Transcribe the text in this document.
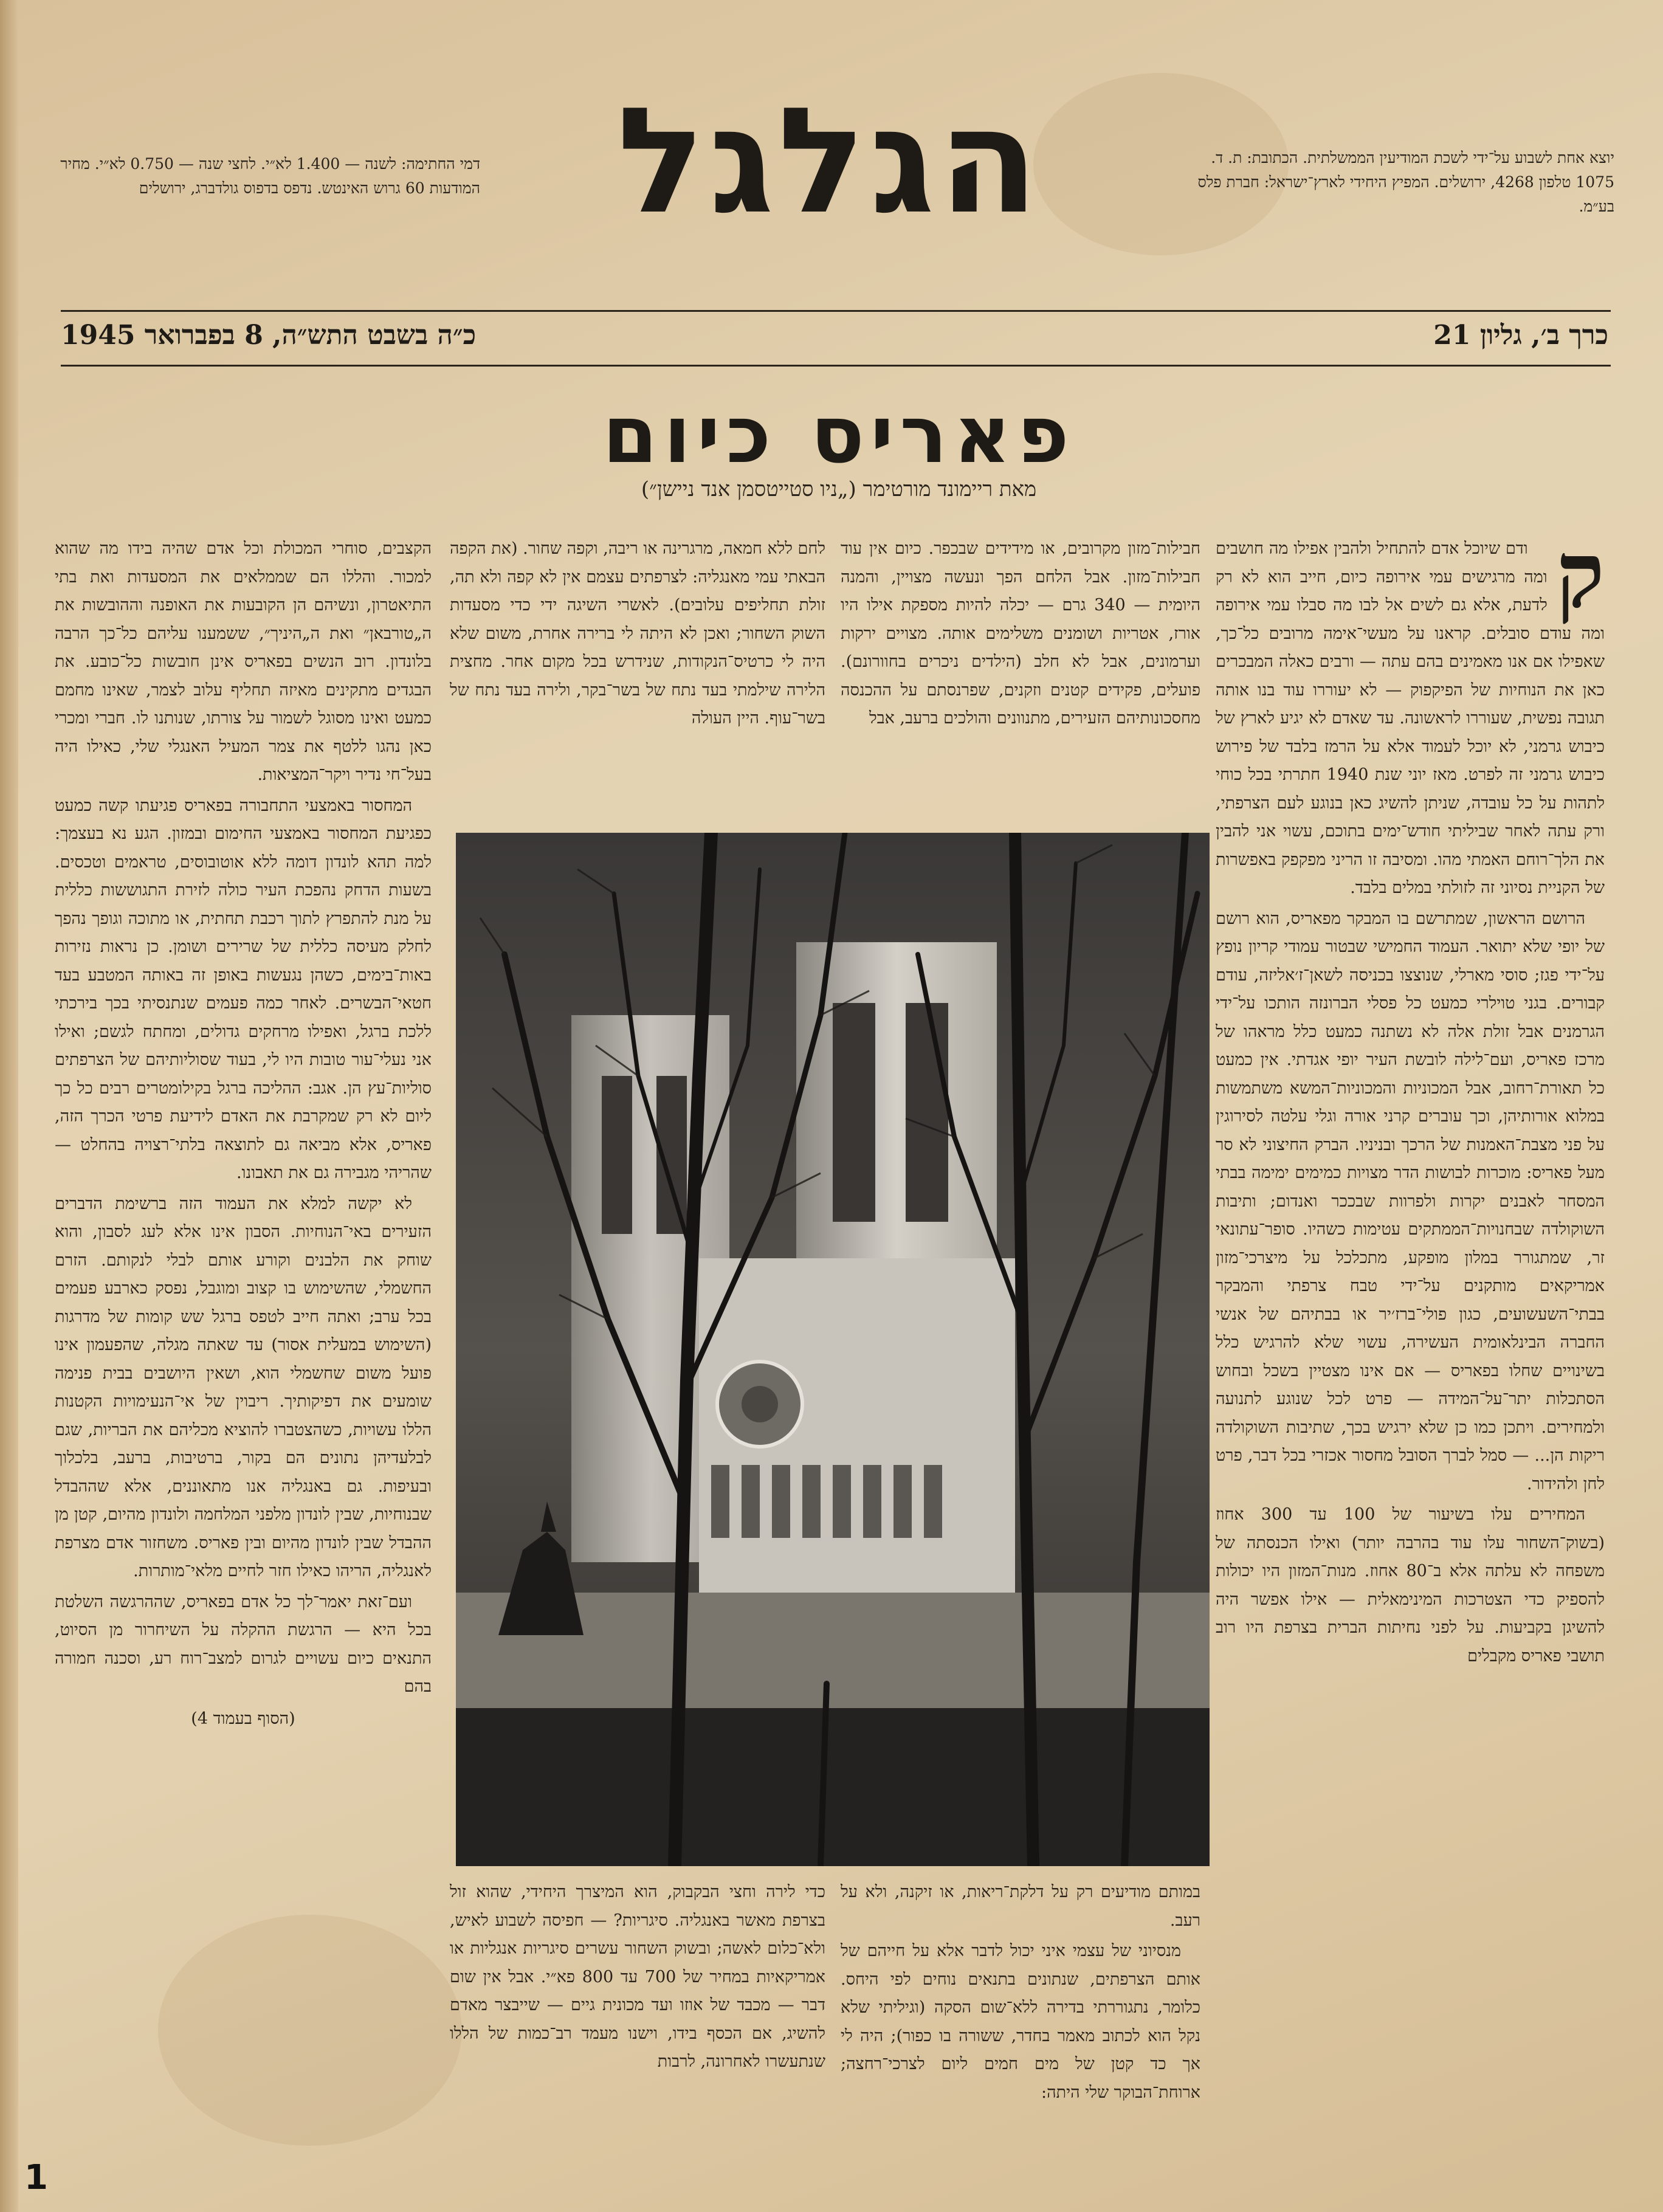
הגלגל	יוצא אחת לשבוע על־ידי לשכת המודיעין הממשלתית. הכתובת: ת. ד. 1075 טלפון 4268, ירושלים. המפיץ היחידי לארץ־ישראל: חברת פלס בע״מ.
דמי החתימה: לשנה — 1.400 לא״י. לחצי שנה — 0.750 לא״י. מחיר המודעות 60 גרוש האינטש. נדפס בדפוס גולדברג, ירושלים
כרך ב׳, גליון 21
כ״ה בשבט התש״ה, 8 בפברואר 1945
פאריס כיום
מאת ריימונד מורטימר („ניו סטייטסמן אנד ניישן״)
ק

ודם שיוכל אדם להתחיל ולהבין אפילו מה חושבים ומה מרגישים עמי אירופה כיום, חייב הוא לא רק לדעת, אלא גם לשים אל לבו מה סבלו עמי אירופה ומה עודם סובלים. קראנו על מעשי־אימה מרובים כל־כך, שאפילו אם אנו מאמינים בהם עתה — ורבים כאלה המבכרים כאן את הנוחיות של הפיקפוק — לא יעוררו עוד בנו אותה תגובה נפשית, שעוררו לראשונה. עד שאדם לא יגיע לארץ של כיבוש גרמני, לא יוכל לעמוד אלא על הרמז בלבד של פירוש כיבוש גרמני זה לפרט. מאז יוני שנת 1940 חתרתי בכל כוחי לתהות על כל עובדה, שניתן להשיג כאן בנוגע לעם הצרפתי, ורק עתה לאחר שביליתי חודש־ימים בתוכם, עשוי אני להבין את הלך־רוחם האמתי מהו. ומסיבה זו הריני מפקפק באפשרות של הקניית נסיוני זה לזולתי במלים בלבד.

הרושם הראשון, שמתרשם בו המבקר מפאריס, הוא רושם של יופי שלא יתואר. העמוד החמישי שבטור עמודי קריון נופץ על־ידי פגז; סוסי מארלי, שנוצצו בכניסה לשאן־ז׳אליזה, עודם קבורים. בגני טוילרי כמעט כל פסלי הברונזה הותכו על־ידי הגרמנים אבל זולת אלה לא נשתנה כמעט כלל מראהו של מרכז פאריס, ועם־לילה לובשת העיר יופי אגדתי. אין כמעט כל תאורת־רחוב, אבל המכוניות והמכוניות־המשא משתמשות במלוא אורותיהן, וכך עוברים קרני אורה וגלי עלטה לסירוגין על פני מצבת־האמנות של הרכך ובניניו. הברק החיצוני לא סר מעל פאריס: מוכרות לבושות הדר מצויות כמימים ימימה בבתי המסחר לאבנים יקרות ולפרוות שבככר ואנדום; ותיבות השוקולדה שבחנויות־הממתקים עטימות כשהיו. סופר־עתונאי זר, שמתגורר במלון מופקע, מתכלכל על מיצרכי־מזון אמריקאים מותקנים על־ידי טבח צרפתי והמבקר בבתי־השעשועים, כגון פולי־ברז׳יר או בבתיהם של אנשי החברה הבינלאומית העשירה, עשוי שלא להרגיש כלל בשינויים שחלו בפאריס — אם אינו מצטיין בשכל ובחוש הסתכלות יתר־על־המידה — פרט לכל שנוגע לתנועה ולמחירים. ויתכן כמו כן שלא ירגיש בכך, שתיבות השוקולדה ריקות הן... — סמל לברך הסובל מחסור אכזרי בכל דבר, פרט לחן ולהידור.

המחירים עלו בשיעור של 100 עד 300 אחוז (בשוק־השחור עלו עוד בהרבה יותר) ואילו הכנסתה של משפחה לא עלתה אלא ב־80 אחוז. מנות־המזון היו יכולות להספיק כדי הצטרכות המינימאלית — אילו אפשר היה להשיגן בקביעות. על לפני נחיתות הברית בצרפת היו רוב תושבי פאריס מקבלים

חבילות־מזון מקרובים, או מידידים שבכפר. כיום אין עוד חבילות־מזון. אבל הלחם הפך ונעשה מצויין, והמנה היומית — 340 גרם — יכלה להיות מספקת אילו היו אורז, אטריות ושומנים משלימים אותה. מצויים ירקות וערמונים, אבל לא חלב (הילדים ניכרים בחוורונם). פועלים, פקידים קטנים וזקנים, שפרנסתם על ההכנסה מחסכונותיהם הזעירים, מתנוונים והולכים ברעב, אבל

לחם ללא חמאה, מרגרינה או ריבה, וקפה שחור. (את הקפה הבאתי עמי מאנגליה: לצרפתים עצמם אין לא קפה ולא תה, זולת תחליפים עלובים). לאשרי השיגה ידי כדי מסעדות השוק השחור; ואכן לא היתה לי ברירה אחרת, משום שלא היה לי כרטיס־הנקודות, שנידרש בכל מקום אחר. מחצית הלירה שילמתי בעד נתח של בשר־בקר, ולירה בעד נתח של בשר־עוף. היין העולה

במותם מודיעים רק על דלקת־ריאות, או זיקנה, ולא על רעב.

מנסיוני של עצמי איני יכול לדבר אלא על חייהם של אותם הצרפתים, שנתונים בתנאים נוחים לפי היחס. כלומר, נתגוררתי בדירה ללא־שום הסקה (וגיליתי שלא נקל הוא לכתוב מאמר בחדר, ששורה בו כפור); היה לי אך כד קטן של מים חמים ליום לצרכי־רחצה; ארוחת־הבוקר שלי היתה:

כדי לירה וחצי הבקבוק, הוא המיצרך היחידי, שהוא זול בצרפת מאשר באנגליה. סיגריות? — חפיסה לשבוע לאיש, ולא־כלום לאשה; ובשוק השחור עשרים סיגריות אנגליות או אמריקאיות במחיר של 700 עד 800 פא״י. אבל אין שום דבר — מכבד של אוזו ועד מכונית גיים — שייבצר מאדם להשיג, אם הכסף בידו, וישנו מעמד רב־כמות של הללו שנתעשרו לאחרונה, לרבות

הקצבים, סוחרי המכולת וכל אדם שהיה בידו מה שהוא למכור. והללו הם שממלאים את המסעדות ואת בתי התיאטרון, ונשיהם הן הקובעות את האופנה וההובשות את ה„טורבאן״ ואת ה„היניך״, ששמענו עליהם כל־כך הרבה בלונדון. רוב הנשים בפאריס אינן חובשות כל־כובע. את הבגדים מתקינים מאיזה תחליף עלוב לצמר, שאינו מחמם כמעט ואינו מסוגל לשמור על צורתו, שנותנו לו. חברי ומכרי כאן נהגו ללטף את צמר המעיל האנגלי שלי, כאילו היה בעל־חי נדיר ויקר־המציאות.

המחסור באמצעי התחבורה בפאריס פגיעתו קשה כמעט כפגיעת המחסור באמצעי החימום ובמזון. הגע נא בעצמך: למה תהא לונדון דומה ללא אוטובוסים, טראמים וטכסים. בשעות הדחק נהפכת העיר כולה לזירת התגוששות כללית על מנת להתפרץ לתוך רכבת תחתית, או מתוכה וגופך נהפך לחלק מעיסה כללית של שרירים ושומן. כן נראות נזירות באות־בימים, כשהן נגעשות באופן זה באותה המטבע בעד חטאי־הבשרים. לאחר כמה פעמים שנתנסיתי בכך בירכתי ללכת ברגל, ואפילו מרחקים גדולים, ומחתח לגשם; ואילו אני נעלי־עור טובות היו לי, בעוד שסוליותיהם של הצרפתים סוליות־עץ הן. אגב: ההליכה ברגל בקילומטרים רבים כל כך ליום לא רק שמקרבת את האדם לידיעת פרטי הכרך הזה, פאריס, אלא מביאה גם לתוצאה בלתי־רצויה בהחלט — שהריהי מגבירה גם את תאבונו.

לא יקשה למלא את העמוד הזה ברשימת הדברים הזעירים באי־הנוחיות. הסבון אינו אלא לעג לסבון, והוא שוחק את הלבנים וקורע אותם לבלי לנקותם. הזרם החשמלי, שהשימוש בו קצוב ומוגבל, נפסק כארבע פעמים בכל ערב; ואתה חייב לטפס ברגל שש קומות של מדרגות (השימוש במעלית אסור) עד שאתה מגלה, שהפעמון אינו פועל משום שחשמלי הוא, ושאין היושבים בבית פנימה שומעים את דפיקותיך. ריבוין של אי־הנעימויות הקטנות הללו עשויות, כשהצטברו להוציא מכליהם את הבריות, שגם לבלעדיהן נתונים הם בקור, ברטיבות, ברעב, בלכלוך ובעיפות. גם באנגליה אנו מתאוננים, אלא שההבדל שבנוחיות, שבין לונדון מלפני המלחמה ולונדון מהיום, קטן מן ההבדל שבין לונדון מהיום ובין פאריס. משחזור אדם מצרפת לאנגליה, הריהו כאילו חזר לחיים מלאי־מותרות.

ועם־זאת יאמר־לך כל אדם בפאריס, שההרגשה השלטת בכל היא — הרגשת ההקלה על השיחרור מן הסיוט, התנאים כיום עשויים לגרום למצב־רוח רע, וסכנה חמורה בהם

(הסוף בעמוד 4)

1
